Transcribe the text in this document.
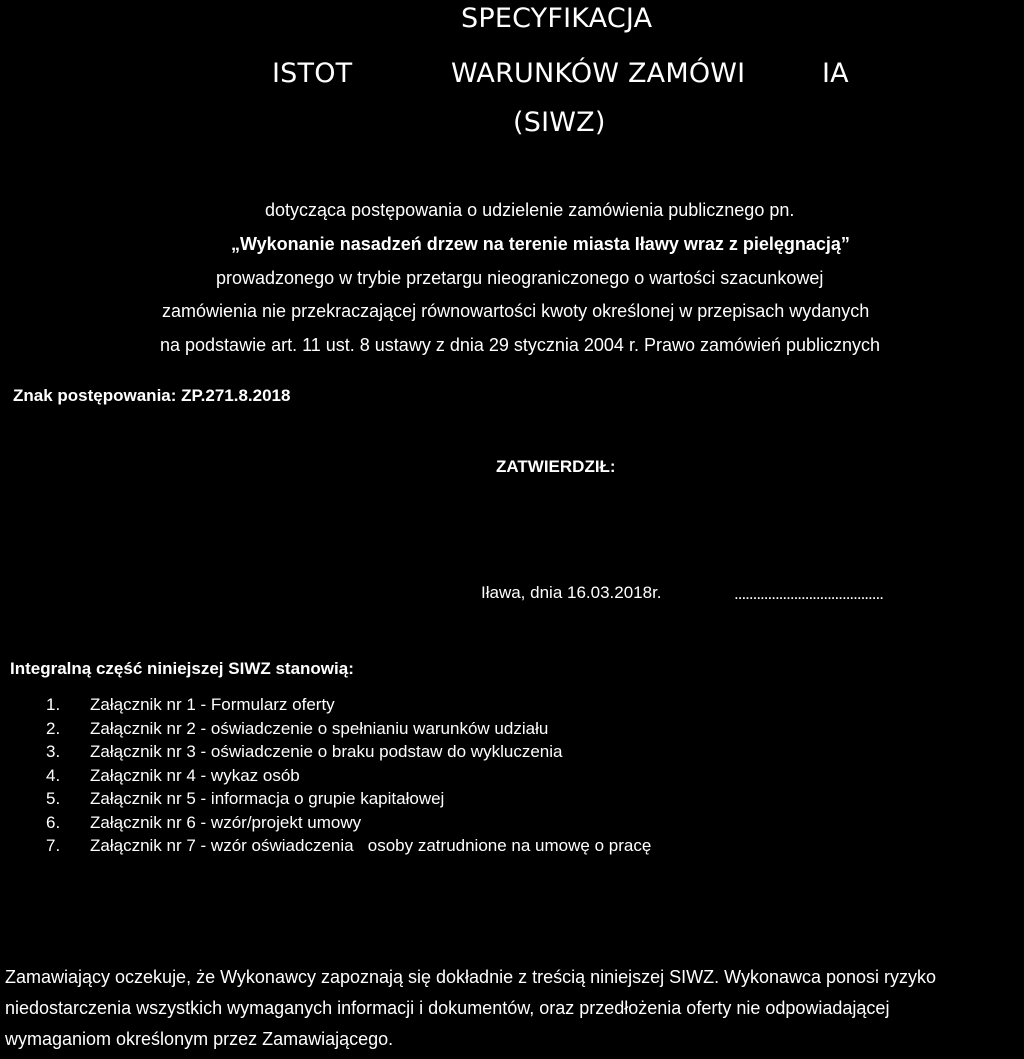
SPECYFIKACJA
ISTOT	WARUNKÓW ZAMÓWI	IA
(SIWZ)
dotycząca postępowania o udzieleniе zamówienia publicznego pn.
„Wykonanie nasadzeń drzew na terenie miasta Iławy wraz z pielęgnacją”
prowadzonego w trybie przetargu nieograniczonego o wartości szacunkowej
zamówienia nie przekraczającej równowartości kwoty określonej w przepisach wydanych
na podstawie art. 11 ust. 8 ustawy z dnia 29 stycznia 2004 r. Prawo zamówień publicznych
Znak postępowania: ZP.271.8.2018
ZATWIERDZIŁ:
Iława, dnia 16.03.2018r.	........................................
Integralną część niniejszej SIWZ stanowią:
1. Załącznik nr 1 - Formularz oferty
2. Załącznik nr 2 - oświadczenie o spełnianiu warunków udziału
3. Załącznik nr 3 - oświadczenie o braku podstaw do wykluczenia
4. Załącznik nr 4 - wykaz osób
5. Załącznik nr 5 - informacja o grupie kapitałowej
6. Załącznik nr 6 - wzór/projekt umowy
7. Załącznik nr 7 - wzór oświadczenia   osoby zatrudnione na umowę o pracę
Zamawiający oczekuje, że Wykonawcy zapoznają się dokładnie z treścią niniejszej SIWZ. Wykonawca ponosi ryzyko
niedostarczenia wszystkich wymaganych informacji i dokumentów, oraz przedłożenia oferty nie odpowiadającej
wymaganiom określonym przez Zamawiającego.
